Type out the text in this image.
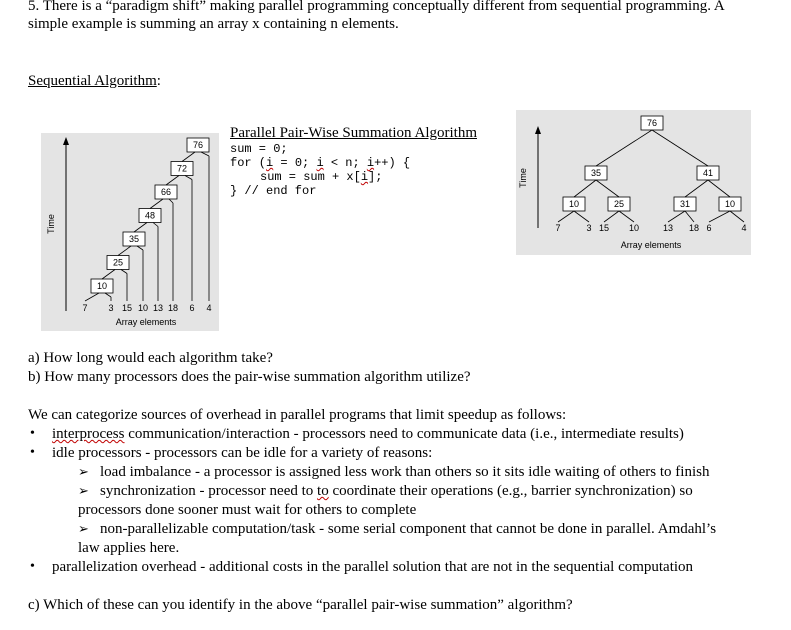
5. There is a “paradigm shift” making parallel programming conceptually different from sequential programming. A
simple example is summing an array x containing n elements.
Sequential Algorithm:
Time
7 3 15 10 13 18 6 4
10
25
35
48
66
72
76
Array elements
Parallel Pair-Wise Summation Algorithm
sum = 0;
for (i = 0; i < n; i++) {
sum = sum + x[i];
} // end for
Time
7	3 15 10	13 18 6	4
10	25	31	10
35	41
76
Array elements
a) How long would each algorithm take?
b) How many processors does the pair-wise summation algorithm utilize?
We can categorize sources of overhead in parallel programs that limit speedup as follows:
• interprocess communication/interaction - processors need to communicate data (i.e., intermediate results)
• idle processors - processors can be idle for a variety of reasons:
➢ load imbalance - a processor is assigned less work than others so it sits idle waiting of others to finish
➢ synchronization - processor need to to coordinate their operations (e.g., barrier synchronization) so
processors done sooner must wait for others to complete
➢ non-parallelizable computation/task - some serial component that cannot be done in parallel. Amdahl’s
law applies here.
• parallelization overhead - additional costs in the parallel solution that are not in the sequential computation
c) Which of these can you identify in the above “parallel pair-wise summation” algorithm?
